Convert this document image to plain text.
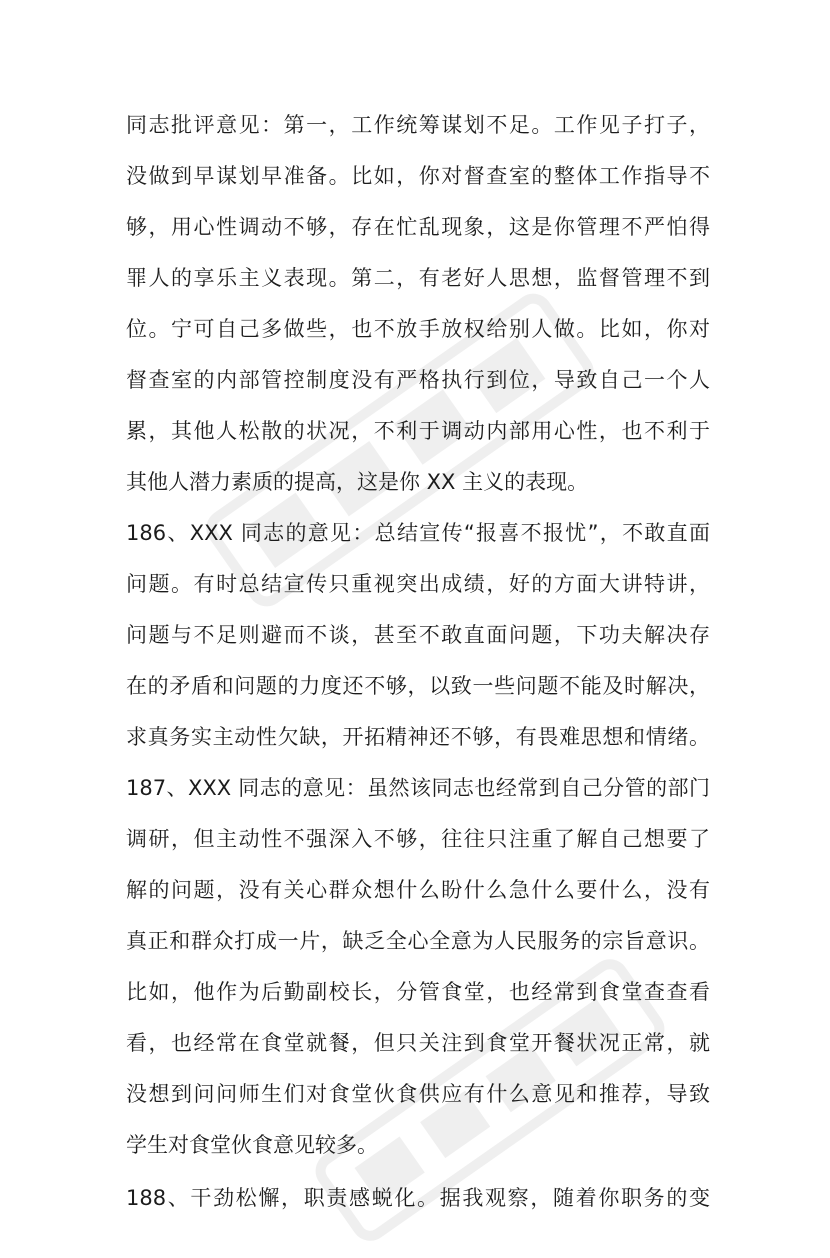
同志批评意见：第一，工作统筹谋划不足。工作见子打子，
没做到早谋划早准备。比如，你对督查室的整体工作指导不
够，用心性调动不够，存在忙乱现象，这是你管理不严怕得
罪人的享乐主义表现。第二，有老好人思想，监督管理不到
位。宁可自己多做些，也不放手放权给别人做。比如，你对
督查室的内部管控制度没有严格执行到位，导致自己一个人
累，其他人松散的状况，不利于调动内部用心性，也不利于
其他人潜力素质的提高，这是你 XX 主义的表现。
186、XXX 同志的意见：总结宣传“报喜不报忧”，不敢直面
问题。有时总结宣传只重视突出成绩，好的方面大讲特讲，
问题与不足则避而不谈，甚至不敢直面问题，下功夫解决存
在的矛盾和问题的力度还不够，以致一些问题不能及时解决，
求真务实主动性欠缺，开拓精神还不够，有畏难思想和情绪。
187、XXX 同志的意见：虽然该同志也经常到自己分管的部门
调研，但主动性不强深入不够，往往只注重了解自己想要了
解的问题，没有关心群众想什么盼什么急什么要什么，没有
真正和群众打成一片，缺乏全心全意为人民服务的宗旨意识。
比如，他作为后勤副校长，分管食堂，也经常到食堂查查看
看，也经常在食堂就餐，但只关注到食堂开餐状况正常，就
没想到问问师生们对食堂伙食供应有什么意见和推荐，导致
学生对食堂伙食意见较多。
188、干劲松懈，职责感蜕化。据我观察，随着你职务的变
